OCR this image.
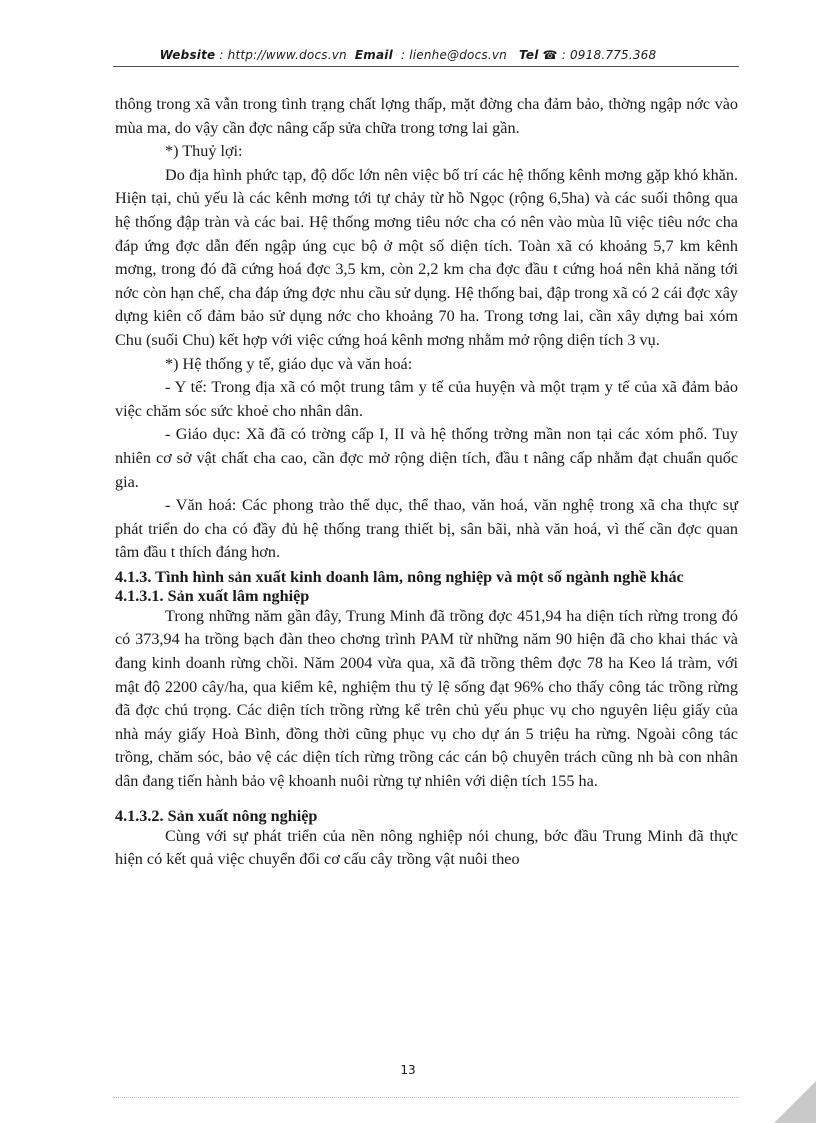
Website : http://www.docs.vn Email : lienhe@docs.vn Tel ☎ : 0918.775.368

thông trong xã vẫn trong tình trạng chất lợng thấp, mặt đờng cha đảm bảo, thờng ngập nớc vào mùa ma, do vậy cần đợc nâng cấp sửa chữa trong tơng lai gần.

*) Thuỷ lợi:

Do địa hình phức tạp, độ dốc lớn nên việc bố trí các hệ thống kênh mơng gặp khó khăn. Hiện tại, chủ yếu là các kênh mơng tới tự chảy từ hồ Ngọc (rộng 6,5ha) và các suối thông qua hệ thống đập tràn và các bai. Hệ thống mơng tiêu nớc cha có nên vào mùa lũ việc tiêu nớc cha đáp ứng đợc dẫn đến ngập úng cục bộ ở một số diện tích. Toàn xã có khoảng 5,7 km kênh mơng, trong đó đã cứng hoá đợc 3,5 km, còn 2,2 km cha đợc đầu t cứng hoá nên khả năng tới nớc còn hạn chế, cha đáp ứng đợc nhu cầu sử dụng. Hệ thống bai, đập trong xã có 2 cái đợc xây dựng kiên cố đảm bảo sử dụng nớc cho khoảng 70 ha. Trong tơng lai, cần xây dựng bai xóm Chu (suối Chu) kết hợp với việc cứng hoá kênh mơng nhằm mở rộng diện tích 3 vụ.

*) Hệ thống y tế, giáo dục và văn hoá:

- Y tế: Trong địa xã có một trung tâm y tế của huyện và một trạm y tế của xã đảm bảo việc chăm sóc sức khoẻ cho nhân dân.

- Giáo dục: Xã đã có trờng cấp I, II và hệ thống trờng mần non tại các xóm phố. Tuy nhiên cơ sở vật chất cha cao, cần đợc mở rộng diện tích, đầu t nâng cấp nhằm đạt chuẩn quốc gia.

- Văn hoá: Các phong trào thể dục, thể thao, văn hoá, văn nghệ trong xã cha thực sự phát triển do cha có đầy đủ hệ thống trang thiết bị, sân bãi, nhà văn hoá, vì thế cần đợc quan tâm đầu t thích đáng hơn.

4.1.3. Tình hình sản xuất kinh doanh lâm, nông nghiệp và một số ngành nghề khác
4.1.3.1. Sản xuất lâm nghiệp

Trong những năm gần đây, Trung Minh đã trồng đợc 451,94 ha diện tích rừng trong đó có 373,94 ha trồng bạch đàn theo chơng trình PAM từ những năm 90 hiện đã cho khai thác và đang kinh doanh rừng chồi. Năm 2004 vừa qua, xã đã trồng thêm đợc 78 ha Keo lá tràm, với mật độ 2200 cây/ha, qua kiểm kê, nghiệm thu tỷ lệ sống đạt 96% cho thấy công tác trồng rừng đã đợc chú trọng. Các diện tích trồng rừng kể trên chủ yếu phục vụ cho nguyên liệu giấy của nhà máy giấy Hoà Bình, đồng thời cũng phục vụ cho dự án 5 triệu ha rừng. Ngoài công tác trồng, chăm sóc, bảo vệ các diện tích rừng trồng các cán bộ chuyên trách cũng nh bà con nhân dân đang tiến hành bảo vệ khoanh nuôi rừng tự nhiên với diện tích 155 ha.

4.1.3.2. Sản xuất nông nghiệp

Cùng với sự phát triển của nền nông nghiệp nói chung, bớc đầu Trung Minh đã thực hiện có kết quả việc chuyển đổi cơ cấu cây trồng vật nuôi theo

13
